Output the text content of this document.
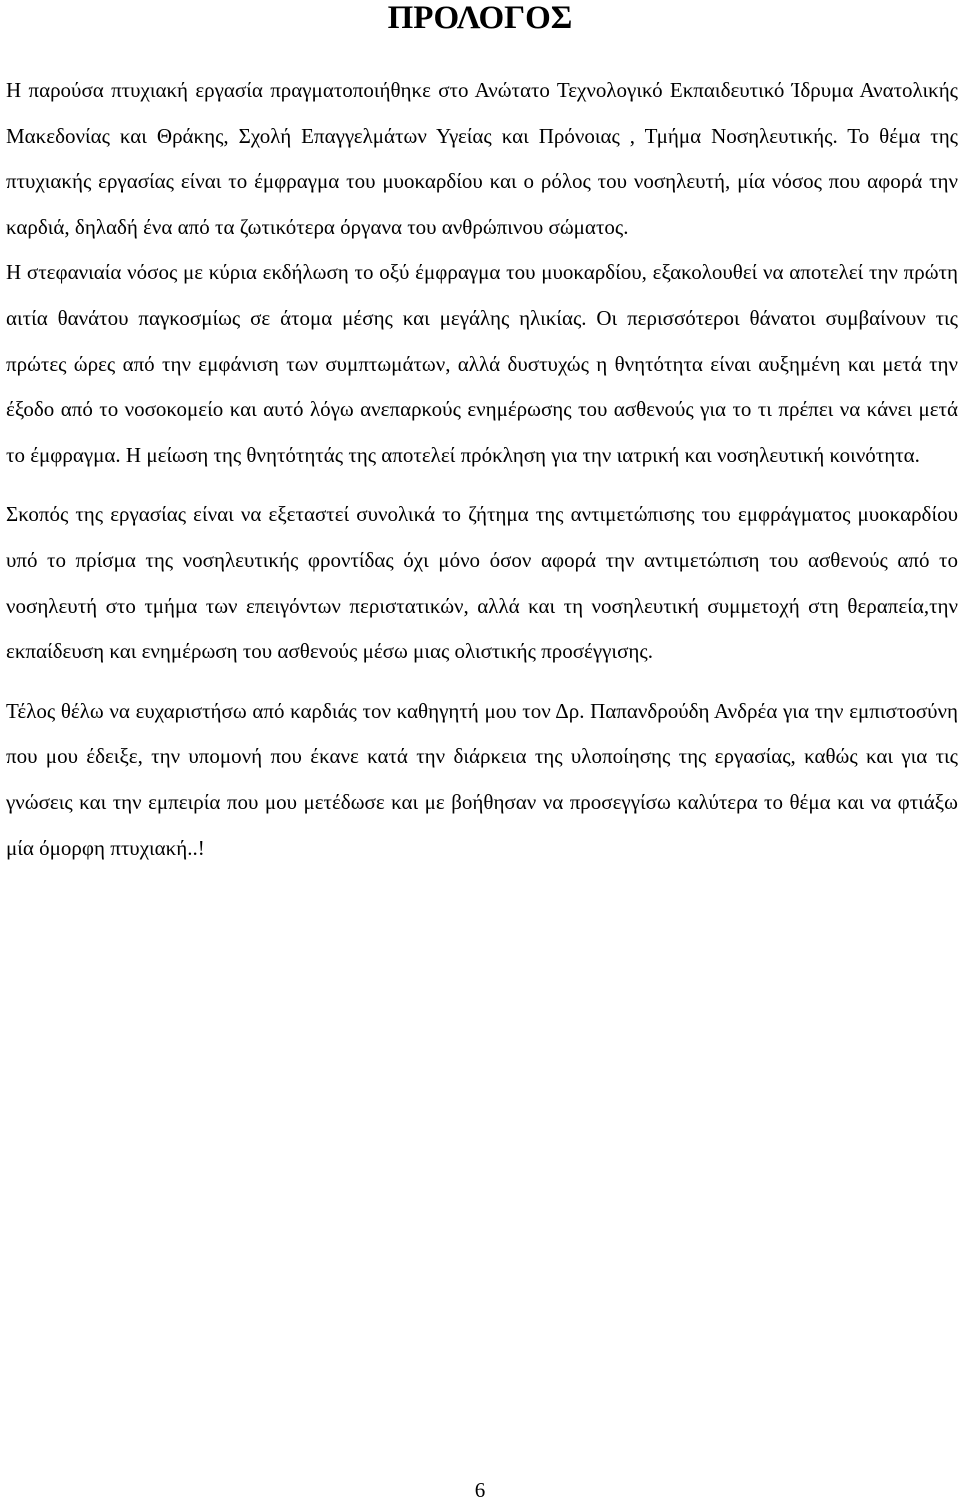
ΠΡΟΛΟΓΟΣ

Η παρούσα πτυχιακή εργασία πραγματοποιήθηκε στο Ανώτατο Τεχνολογικό Εκπαιδευτικό Ίδρυμα Ανατολικής Μακεδονίας και Θράκης, Σχολή Επαγγελμάτων Υγείας και Πρόνοιας , Τμήμα Νοσηλευτικής. Το θέμα της πτυχιακής εργασίας είναι το έμφραγμα του μυοκαρδίου και ο ρόλος του νοσηλευτή, μία νόσος που αφορά την καρδιά, δηλαδή ένα από τα ζωτικότερα όργανα του ανθρώπινου σώματος.

Η στεφανιαία νόσος με κύρια εκδήλωση το οξύ έμφραγμα του μυοκαρδίου, εξακολουθεί να αποτελεί την πρώτη αιτία θανάτου παγκοσμίως σε άτομα μέσης και μεγάλης ηλικίας. Οι περισσότεροι θάνατοι συμβαίνουν τις πρώτες ώρες από την εμφάνιση των συμπτωμάτων, αλλά δυστυχώς η θνητότητα είναι αυξημένη και μετά την έξοδο από το νοσοκομείο και αυτό λόγω ανεπαρκούς ενημέρωσης του ασθενούς για το τι πρέπει να κάνει μετά το έμφραγμα. Η μείωση της θνητότητάς της αποτελεί πρόκληση για την ιατρική και νοσηλευτική κοινότητα.

Σκοπός της εργασίας είναι να εξεταστεί συνολικά το ζήτημα της αντιμετώπισης του εμφράγματος μυοκαρδίου υπό το πρίσμα της νοσηλευτικής φροντίδας όχι μόνο όσον αφορά την αντιμετώπιση του ασθενούς από το νοσηλευτή στο τμήμα των επειγόντων περιστατικών, αλλά και τη νοσηλευτική συμμετοχή στη θεραπεία,την εκπαίδευση και ενημέρωση του ασθενούς μέσω μιας ολιστικής προσέγγισης.

Τέλος θέλω να ευχαριστήσω από καρδιάς τον καθηγητή μου τον Δρ. Παπανδρούδη Ανδρέα για την εμπιστοσύνη που μου έδειξε, την υπομονή που έκανε κατά την διάρκεια της υλοποίησης της εργασίας, καθώς και για τις γνώσεις και την εμπειρία που μου μετέδωσε και με βοήθησαν να προσεγγίσω καλύτερα το θέμα και να φτιάξω μία όμορφη πτυχιακή..!

6
